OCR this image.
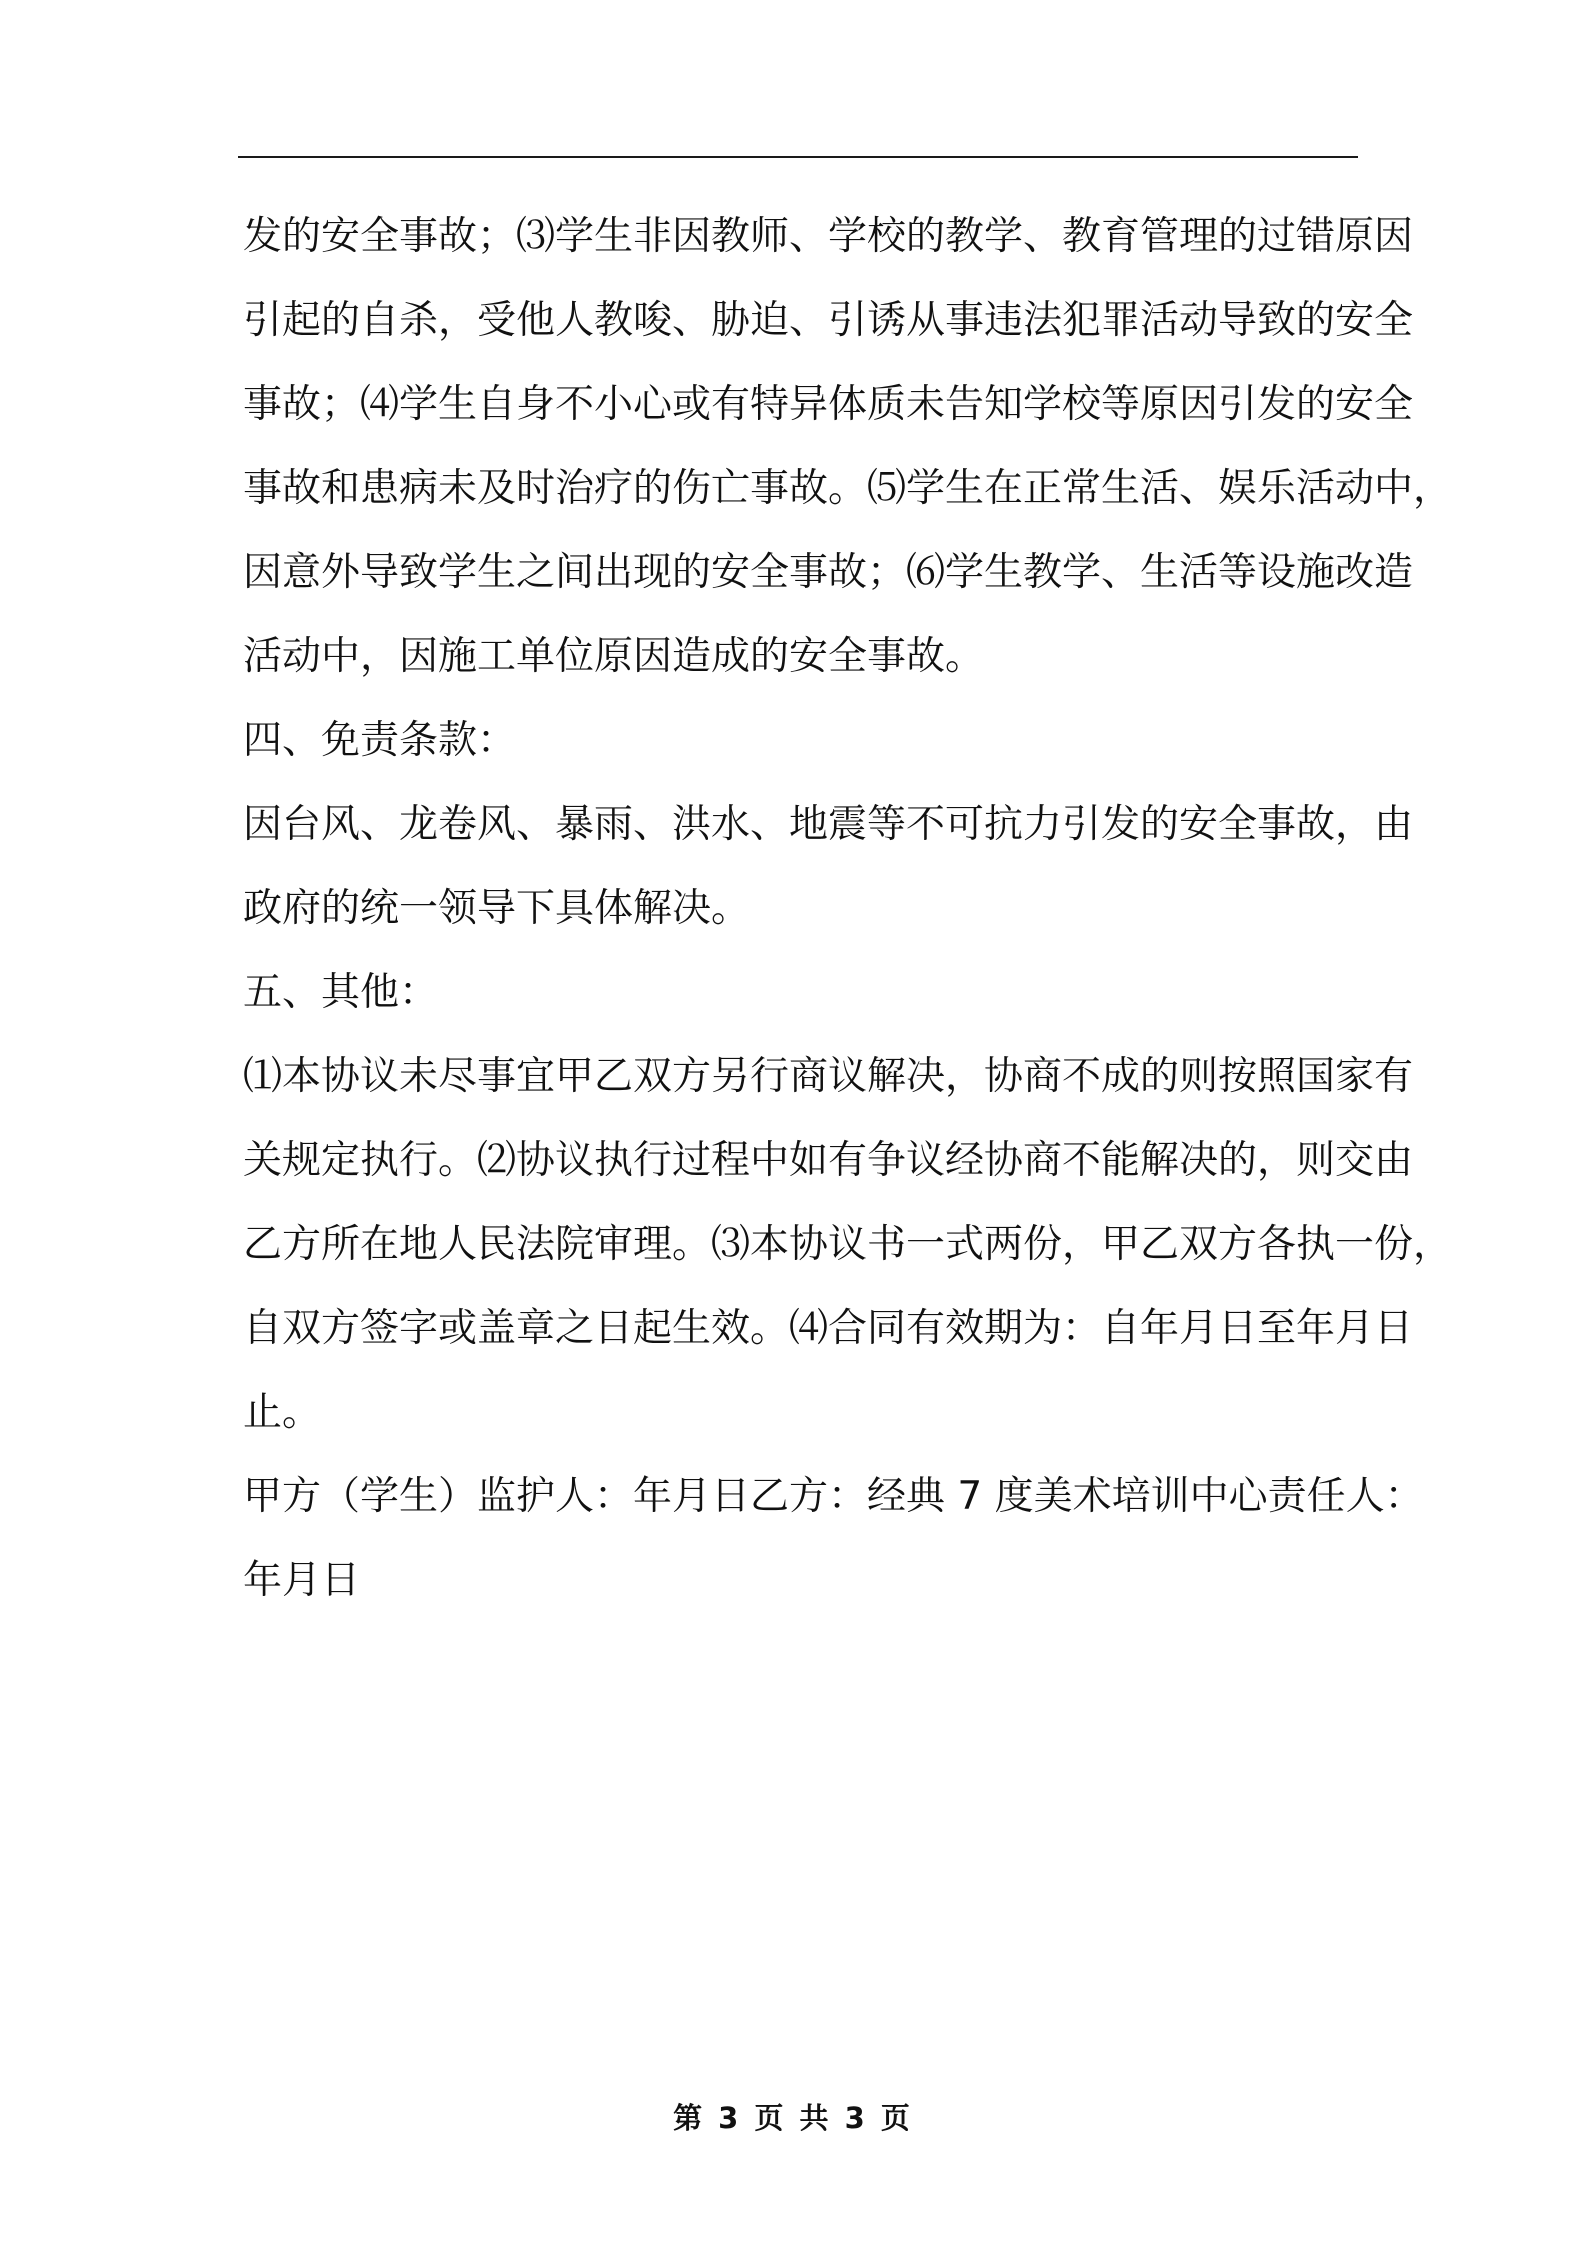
发的安全事故；⑶学生非因教师、学校的教学、教育管理的过错原因
引起的自杀，受他人教唆、胁迫、引诱从事违法犯罪活动导致的安全
事故；⑷学生自身不小心或有特异体质未告知学校等原因引发的安全
事故和患病未及时治疗的伤亡事故。⑸学生在正常生活、娱乐活动中，
因意外导致学生之间出现的安全事故；⑹学生教学、生活等设施改造
活动中，因施工单位原因造成的安全事故。
四、免责条款：
因台风、龙卷风、暴雨、洪水、地震等不可抗力引发的安全事故，由
政府的统一领导下具体解决。
五、其他：
⑴本协议未尽事宜甲乙双方另行商议解决，协商不成的则按照国家有
关规定执行。⑵协议执行过程中如有争议经协商不能解决的，则交由
乙方所在地人民法院审理。⑶本协议书一式两份，甲乙双方各执一份，
自双方签字或盖章之日起生效。⑷合同有效期为：自年月日至年月日
止。
甲方（学生）监护人：年月日乙方：经典 7 度美术培训中心责任人：
年月日
第 3 页 共 3 页
